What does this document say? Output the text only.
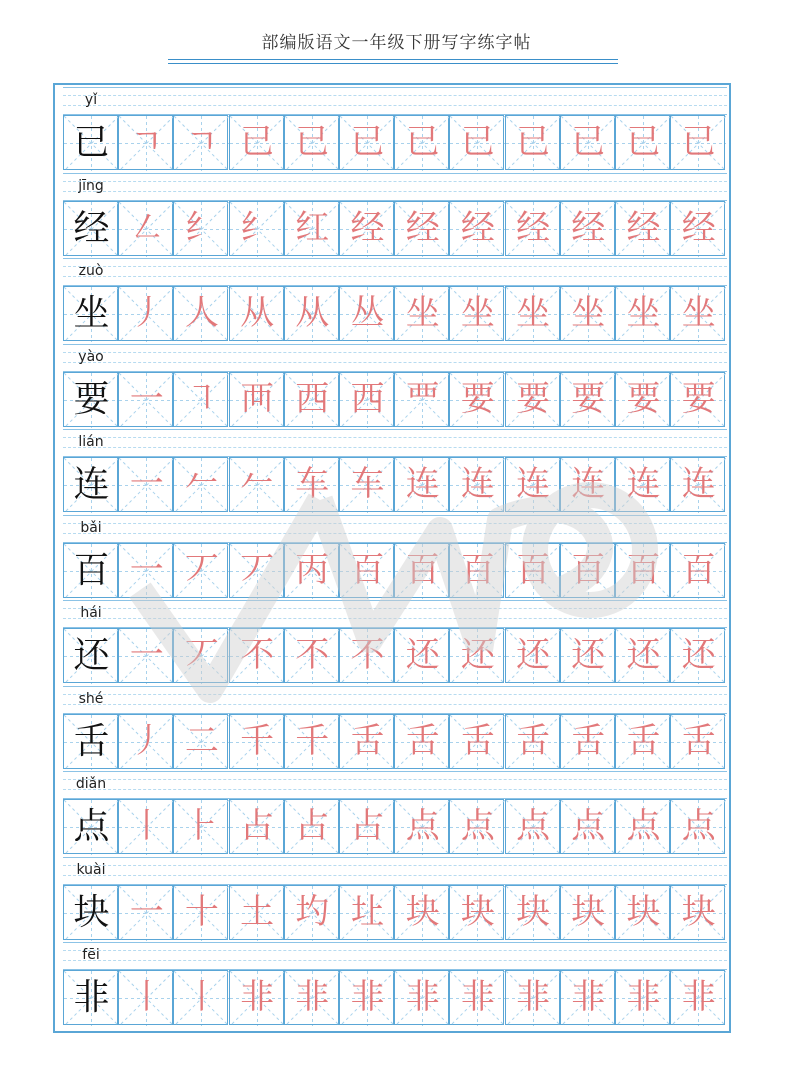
部编版语文一年级下册写字练字帖
yǐ
已 ㄱ ㄱ 已 已 已 已 已 已 已 已 已
jīng
经 ㇜ 纟 纟 红 经 经 经 经 经 经 经
zuò
坐 丿 人 从 从 丛 坐 坐 坐 坐 坐 坐
yào
要 一 ㇕ 襾 西 西 覀 要 要 要 要 要
lián
连 一 𠂉 𠂉 车 车 连 连 连 连 连 连
bǎi
百 一 丆 丆 丙 百 百 百 百 百 百 百
hái
还 一 丆 不 不 不 还 还 还 还 还 还
shé
舌 丿 二 千 千 舌 舌 舌 舌 舌 舌 舌
diǎn
点 丨 ⺊ 占 占 占 点 点 点 点 点 点
kuài
块 一 十 土 圴 圵 块 块 块 块 块 块
fēi
非 丨 丨 非 非 非 非 非 非 非 非 非
